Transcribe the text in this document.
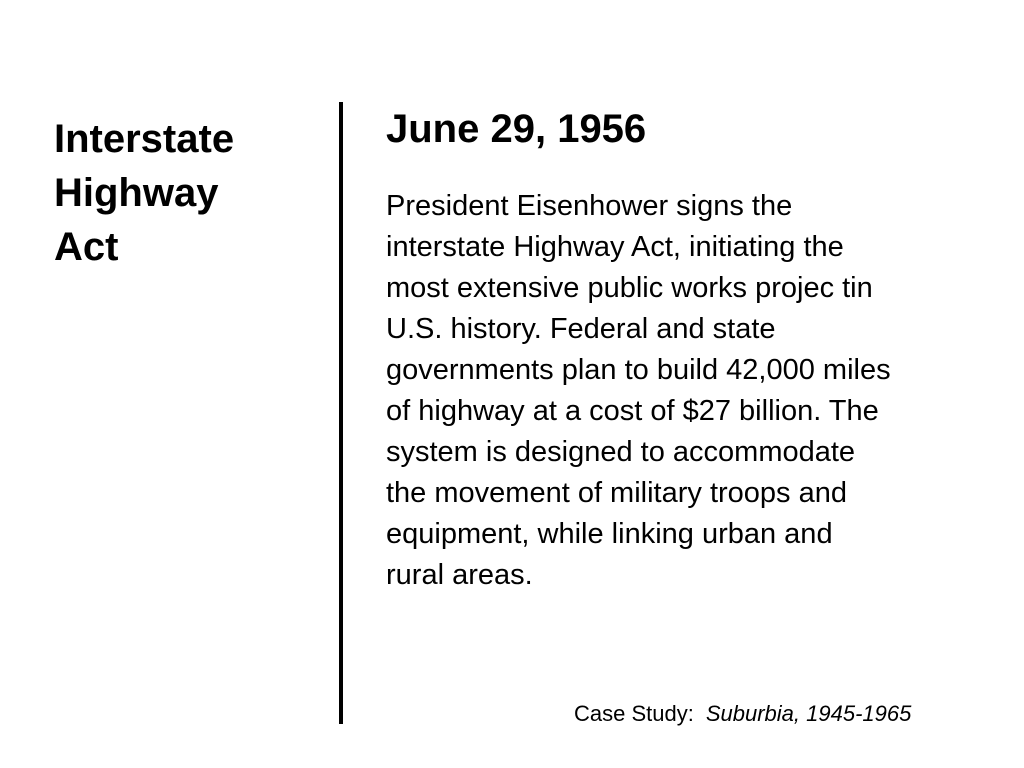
Interstate
Highway
Act
June 29, 1956

President Eisenhower signs the
interstate Highway Act, initiating the
most extensive public works projec tin
U.S. history. Federal and state
governments plan to build 42,000 miles
of highway at a cost of $27 billion. The
system is designed to accommodate
the movement of military troops and
equipment, while linking urban and
rural areas.

Case Study: Suburbia, 1945-1965
